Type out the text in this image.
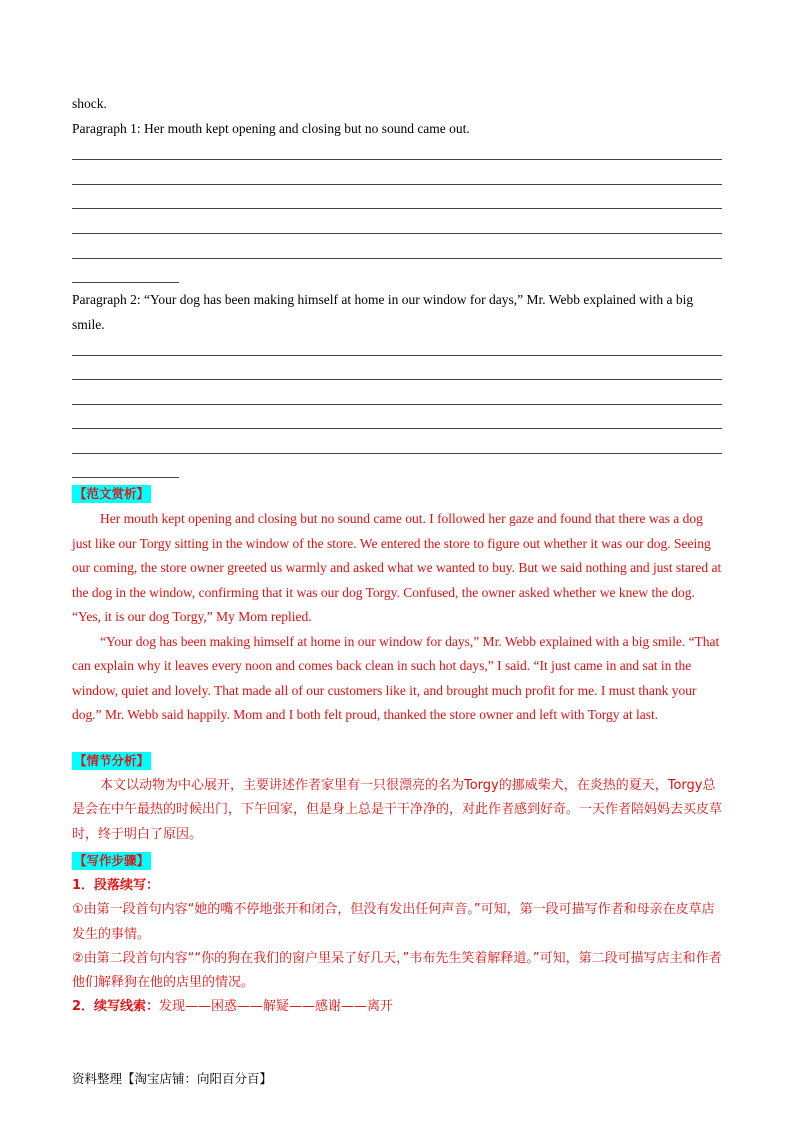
shock.
Paragraph 1: Her mouth kept opening and closing but no sound came out.
Paragraph 2: “Your dog has been making himself at home in our window for days,” Mr. Webb explained with a big smile.
【范文赏析】

Her mouth kept opening and closing but no sound came out. I followed her gaze and found that there was a dog just like our Torgy sitting in the window of the store. We entered the store to figure out whether it was our dog. Seeing our coming, the store owner greeted us warmly and asked what we wanted to buy. But we said nothing and just stared at the dog in the window, confirming that it was our dog Torgy. Confused, the owner asked whether we knew the dog. “Yes, it is our dog Torgy,” My Mom replied.

“Your dog has been making himself at home in our window for days,” Mr. Webb explained with a big smile. “That can explain why it leaves every noon and comes back clean in such hot days,” I said. “It just came in and sat in the window, quiet and lovely. That made all of our customers like it, and brought much profit for me. I must thank your dog.” Mr. Webb said happily. Mom and I both felt proud, thanked the store owner and left with Torgy at last.

【情节分析】

本文以动物为中心展开，主要讲述作者家里有一只很漂亮的名为Torgy的挪威柴犬，在炎热的夏天，Torgy总是会在中午最热的时候出门，下午回家，但是身上总是干干净净的，对此作者感到好奇。一天作者陪妈妈去买皮草时，终于明白了原因。

【写作步骤】

1．段落续写：

①由第一段首句内容“她的嘴不停地张开和闭合，但没有发出任何声音。”可知，第一段可描写作者和母亲在皮草店发生的事情。

②由第二段首句内容““你的狗在我们的窗户里呆了好几天，”韦布先生笑着解释道。”可知，第二段可描写店主和作者他们解释狗在他的店里的情况。

2．续写线索：发现——困惑——解疑——感谢——离开

资料整理【淘宝店铺：向阳百分百】
